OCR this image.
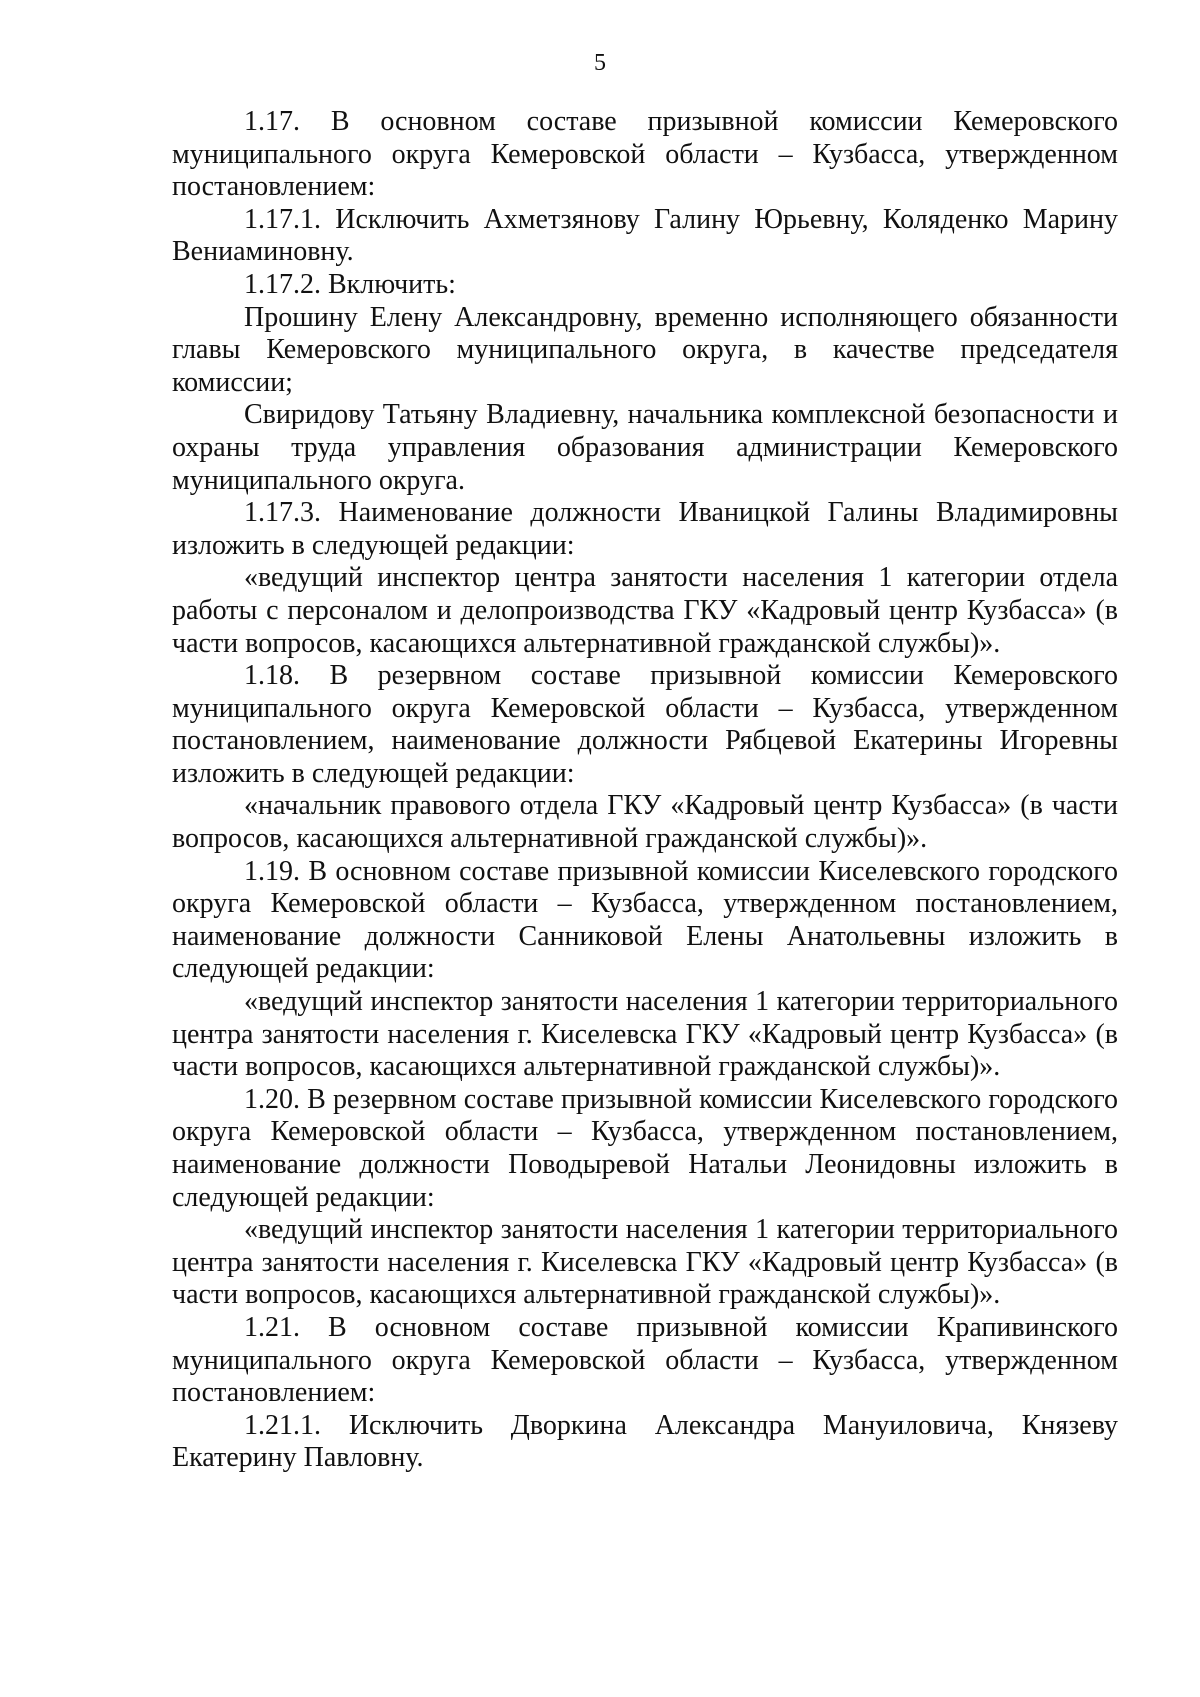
5

1.17. В основном составе призывной комиссии Кемеровского муниципального округа Кемеровской области – Кузбасса, утвержденном постановлением:

1.17.1. Исключить Ахметзянову Галину Юрьевну, Коляденко Марину Вениаминовну.

1.17.2. Включить:

Прошину Елену Александровну, временно исполняющего обязанности главы Кемеровского муниципального округа, в качестве председателя комиссии;

Свиридову Татьяну Владиевну, начальника комплексной безопасности и охраны труда управления образования администрации Кемеровского муниципального округа.

1.17.3. Наименование должности Иваницкой Галины Владимировны изложить в следующей редакции:

«ведущий инспектор центра занятости населения 1 категории отдела работы с персоналом и делопроизводства ГКУ «Кадровый центр Кузбасса» (в части вопросов, касающихся альтернативной гражданской службы)».

1.18. В резервном составе призывной комиссии Кемеровского муниципального округа Кемеровской области – Кузбасса, утвержденном постановлением, наименование должности Рябцевой Екатерины Игоревны изложить в следующей редакции:

«начальник правового отдела ГКУ «Кадровый центр Кузбасса» (в части вопросов, касающихся альтернативной гражданской службы)».

1.19. В основном составе призывной комиссии Киселевского городского округа Кемеровской области – Кузбасса, утвержденном постановлением, наименование должности Санниковой Елены Анатольевны изложить в следующей редакции:

«ведущий инспектор занятости населения 1 категории территориального центра занятости населения г. Киселевска ГКУ «Кадровый центр Кузбасса» (в части вопросов, касающихся альтернативной гражданской службы)».

1.20. В резервном составе призывной комиссии Киселевского городского округа Кемеровской области – Кузбасса, утвержденном постановлением, наименование должности Поводыревой Натальи Леонидовны изложить в следующей редакции:

«ведущий инспектор занятости населения 1 категории территориального центра занятости населения г. Киселевска ГКУ «Кадровый центр Кузбасса» (в части вопросов, касающихся альтернативной гражданской службы)».

1.21. В основном составе призывной комиссии Крапивинского муниципального округа Кемеровской области – Кузбасса, утвержденном постановлением:

1.21.1. Исключить Дворкина Александра Мануиловича, Князеву Екатерину Павловну.
